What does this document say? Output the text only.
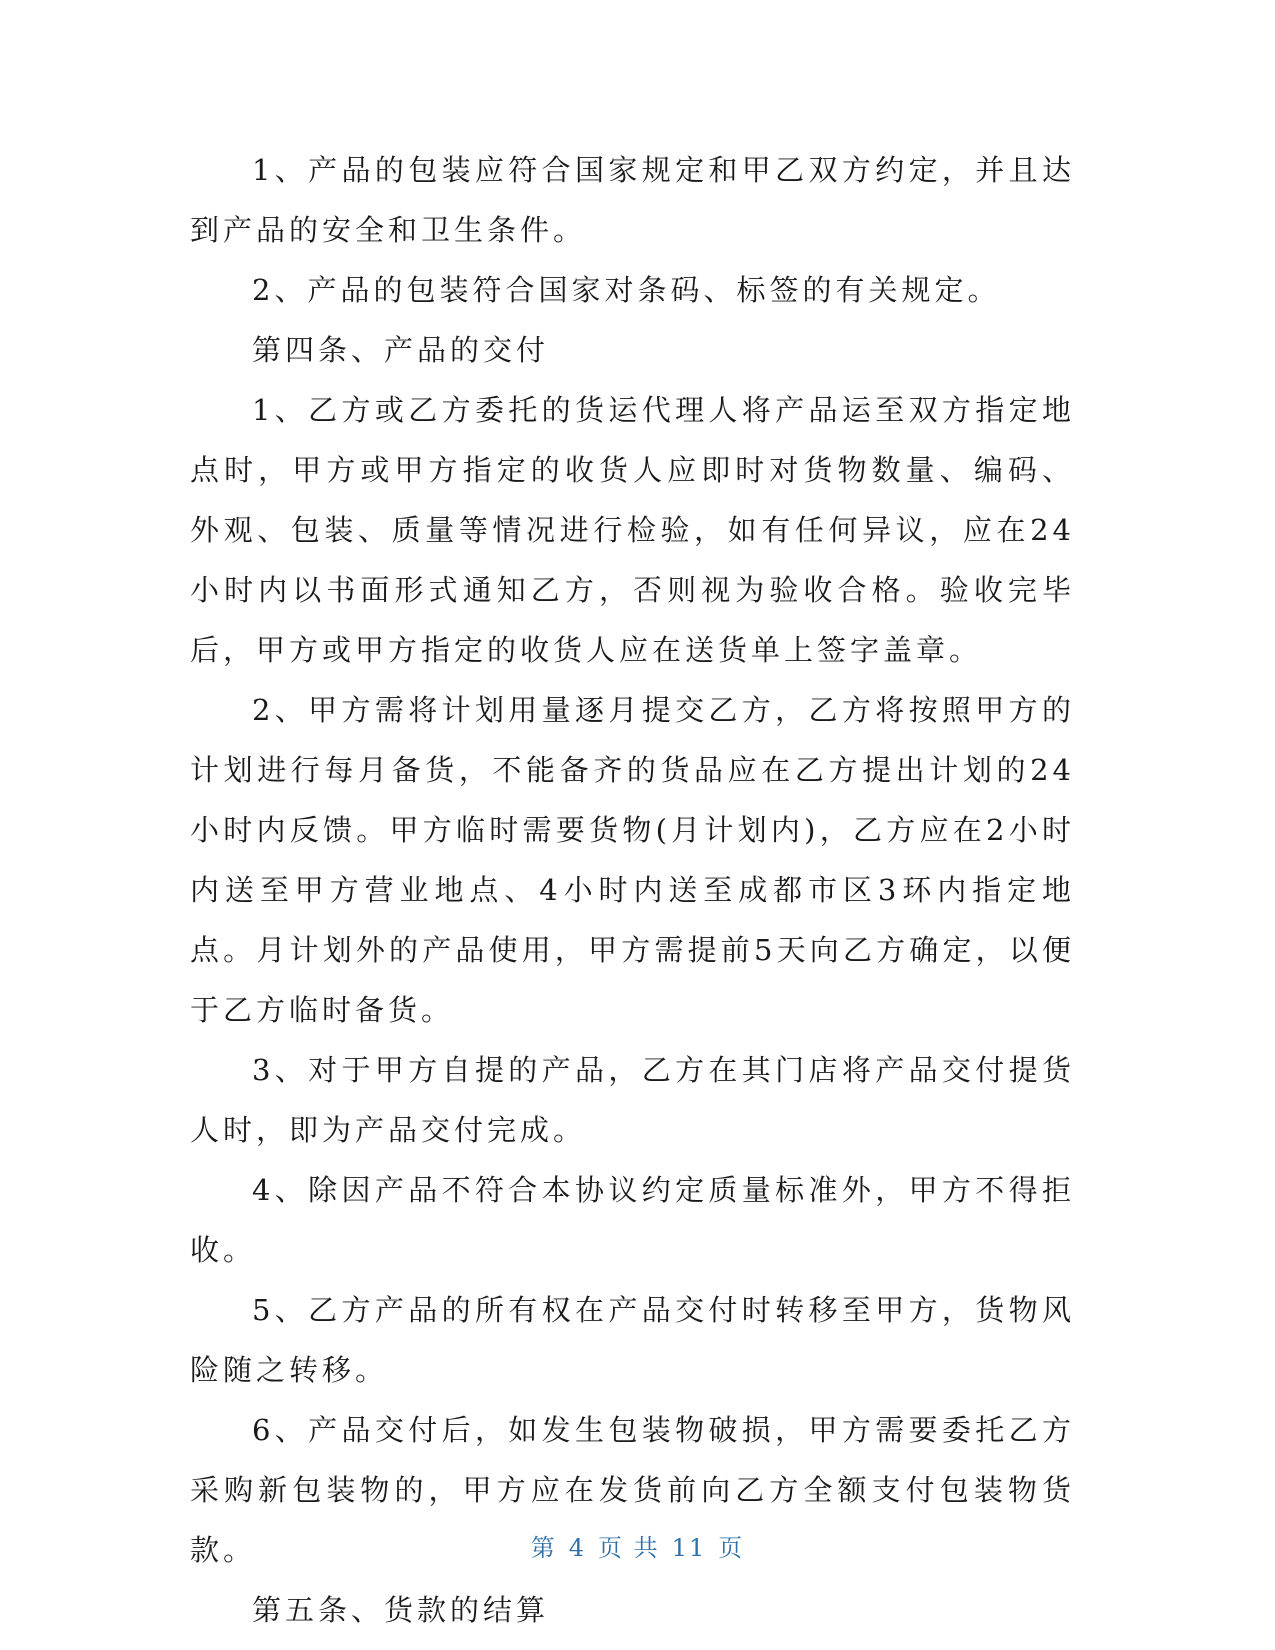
1、产品的包装应符合国家规定和甲乙双方约定，并且达到产品的安全和卫生条件。

2、产品的包装符合国家对条码、标签的有关规定。

第四条、产品的交付

1、乙方或乙方委托的货运代理人将产品运至双方指定地点时，甲方或甲方指定的收货人应即时对货物数量、编码、外观、包装、质量等情况进行检验，如有任何异议，应在24小时内以书面形式通知乙方，否则视为验收合格。验收完毕后，甲方或甲方指定的收货人应在送货单上签字盖章。

2、甲方需将计划用量逐月提交乙方，乙方将按照甲方的计划进行每月备货，不能备齐的货品应在乙方提出计划的24小时内反馈。甲方临时需要货物(月计划内)，乙方应在2小时内送至甲方营业地点、4小时内送至成都市区3环内指定地点。月计划外的产品使用，甲方需提前5天向乙方确定，以便于乙方临时备货。

3、对于甲方自提的产品，乙方在其门店将产品交付提货人时，即为产品交付完成。

4、除因产品不符合本协议约定质量标准外，甲方不得拒收。

5、乙方产品的所有权在产品交付时转移至甲方，货物风险随之转移。

6、产品交付后，如发生包装物破损，甲方需要委托乙方采购新包装物的，甲方应在发货前向乙方全额支付包装物货款。

第五条、货款的结算

第 4 页 共 11 页
